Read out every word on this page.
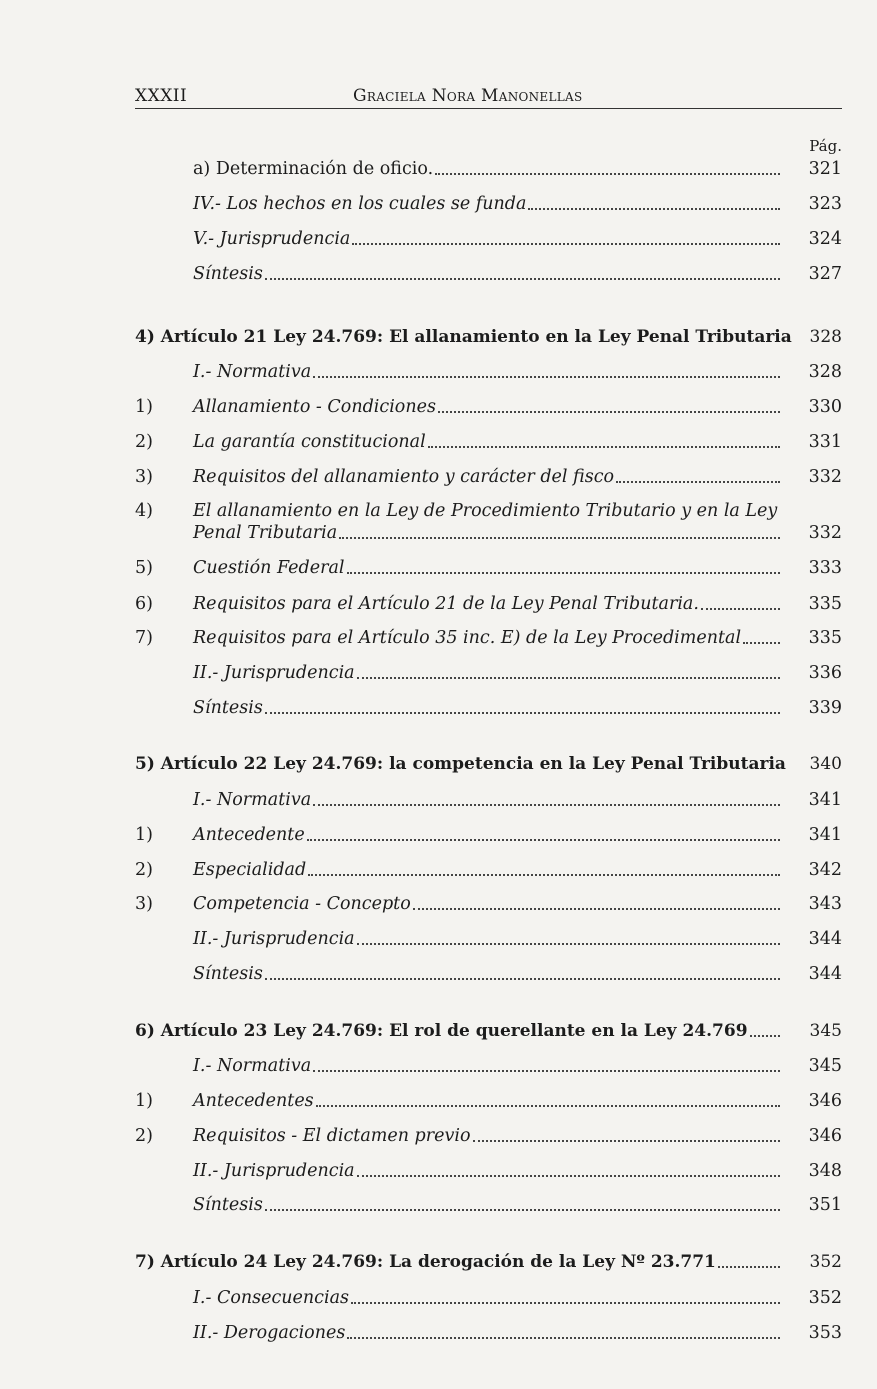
XXXII	Graciela Nora Manonellas
Pág.
a) Determinación de oficio.	321
IV.- Los hechos en los cuales se funda	323
V.- Jurisprudencia	324
Síntesis	327
4) Artículo 21 Ley 24.769: El allanamiento en la Ley Penal Tributaria 328
I.- Normativa	328
1) Allanamiento - Condiciones	330
2) La garantía constitucional	331
3) Requisitos del allanamiento y carácter del fisco	332
4) El allanamiento en la Ley de Procedimiento Tributario y en la Ley
Penal Tributaria	332
5) Cuestión Federal	333
6) Requisitos para el Artículo 21 de la Ley Penal Tributaria.	335
7) Requisitos para el Artículo 35 inc. E) de la Ley Procedimental	335
II.- Jurisprudencia	336
Síntesis	339
5) Artículo 22 Ley 24.769: la competencia en la Ley Penal Tributaria 340
I.- Normativa	341
1) Antecedente	341
2) Especialidad	342
3) Competencia - Concepto	343
II.- Jurisprudencia	344
Síntesis	344
6) Artículo 23 Ley 24.769: El rol de querellante en la Ley 24.769	345
I.- Normativa	345
1) Antecedentes	346
2) Requisitos - El dictamen previo	346
II.- Jurisprudencia	348
Síntesis	351
7) Artículo 24 Ley 24.769: La derogación de la Ley Nº 23.771	352
I.- Consecuencias	352
II.- Derogaciones	353
